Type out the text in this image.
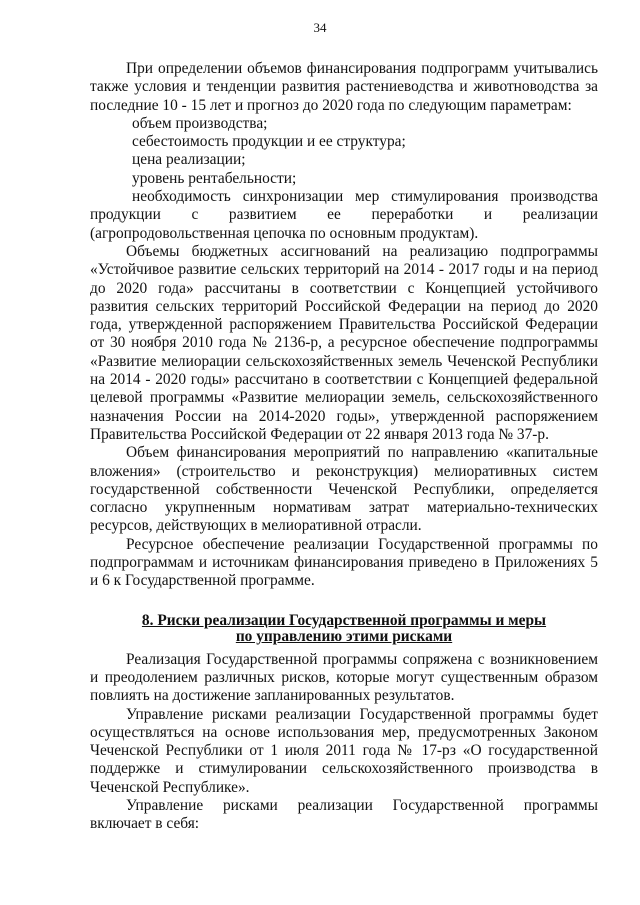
34

При определении объемов финансирования подпрограмм учитывались также условия и тенденции развития растениеводства и животноводства за последние 10 - 15 лет и прогноз до 2020 года по следующим параметрам:

объем производства;
себестоимость продукции и ее структура;
цена реализации;
уровень рентабельности;
необходимость синхронизации мер стимулирования производства продукции с развитием ее переработки и реализации (агропродовольственная цепочка по основным продуктам).

Объемы бюджетных ассигнований на реализацию подпрограммы «Устойчивое развитие сельских территорий на 2014 - 2017 годы и на период до 2020 года» рассчитаны в соответствии с Концепцией устойчивого развития сельских территорий Российской Федерации на период до 2020 года, утвержденной распоряжением Правительства Российской Федерации от 30 ноября 2010 года № 2136-р, а ресурсное обеспечение подпрограммы «Развитие мелиорации сельскохозяйственных земель Чеченской Республики на 2014 - 2020 годы» рассчитано в соответствии с Концепцией федеральной целевой программы «Развитие мелиорации земель, сельскохозяйственного назначения России на 2014-2020 годы», утвержденной распоряжением Правительства Российской Федерации от 22 января 2013 года № 37-р.

Объем финансирования мероприятий по направлению «капитальные вложения» (строительство и реконструкция) мелиоративных систем государственной собственности Чеченской Республики, определяется согласно укрупненным нормативам затрат материально-технических ресурсов, действующих в мелиоративной отрасли.

Ресурсное обеспечение реализации Государственной программы по подпрограммам и источникам финансирования приведено в Приложениях 5 и 6 к Государственной программе.

8. Риски реализации Государственной программы и меры
по управлению этими рисками

Реализация Государственной программы сопряжена с возникновением и преодолением различных рисков, которые могут существенным образом повлиять на достижение запланированных результатов.

Управление рисками реализации Государственной программы будет осуществляться на основе использования мер, предусмотренных Законом Чеченской Республики от 1 июля 2011 года № 17-рз «О государственной поддержке и стимулировании сельскохозяйственного производства в Чеченской Республике».

Управление рисками реализации Государственной программы включает в себя:
